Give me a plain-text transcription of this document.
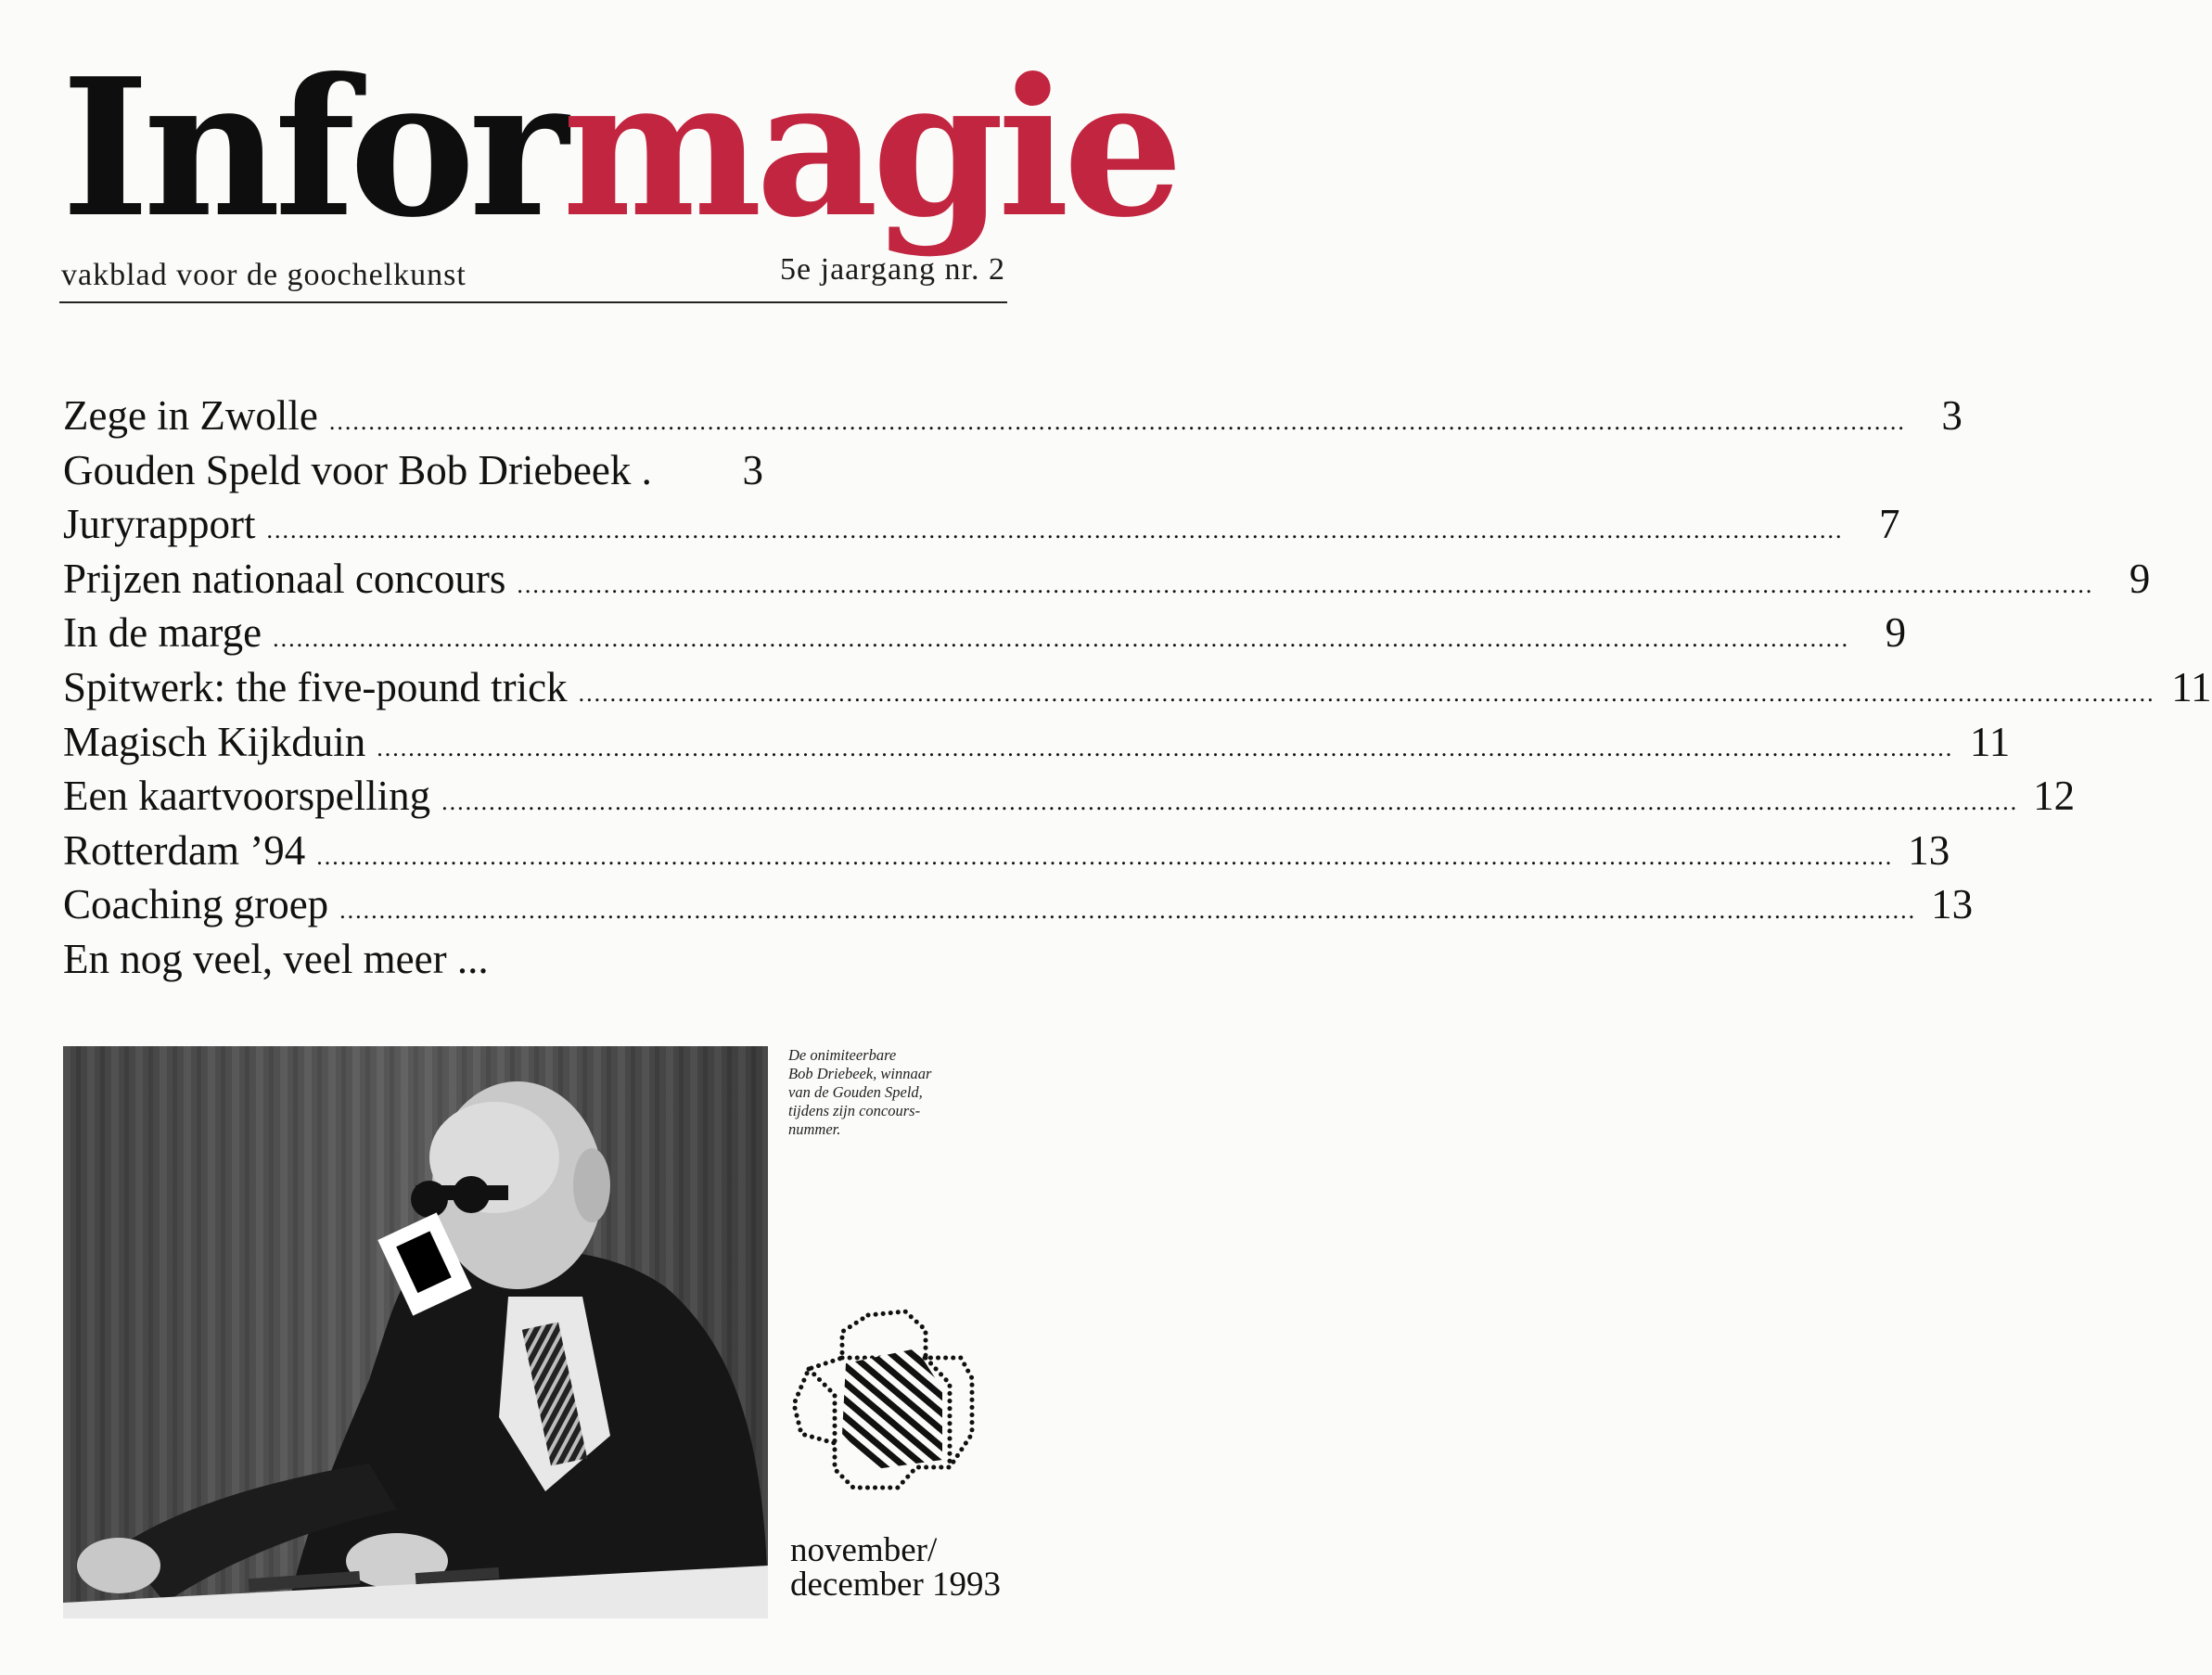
Informagie
vakblad voor de goochelkunst	5e jaargang nr. 2
Zege in Zwolle ........................................................................................................................................................................................................ 3
Gouden Speld voor Bob Driebeek .	3
Juryrapport ........................................................................................................................................................................................................ 7
Prijzen nationaal concours ........................................................................................................................................................................................................ 9
In de marge ........................................................................................................................................................................................................ 9
Spitwerk: the five-pound trick ........................................................................................................................................................................................................ 11
Magisch Kijkduin ........................................................................................................................................................................................................ 11
Een kaartvoorspelling ........................................................................................................................................................................................................ 12
Rotterdam ’94 ........................................................................................................................................................................................................ 13
Coaching groep ........................................................................................................................................................................................................ 13
En nog veel, veel meer ...
De onimiteerbare
Bob Driebeek, winnaar
van de Gouden Speld,
tijdens zijn concours-
nummer.
november/
december 1993
